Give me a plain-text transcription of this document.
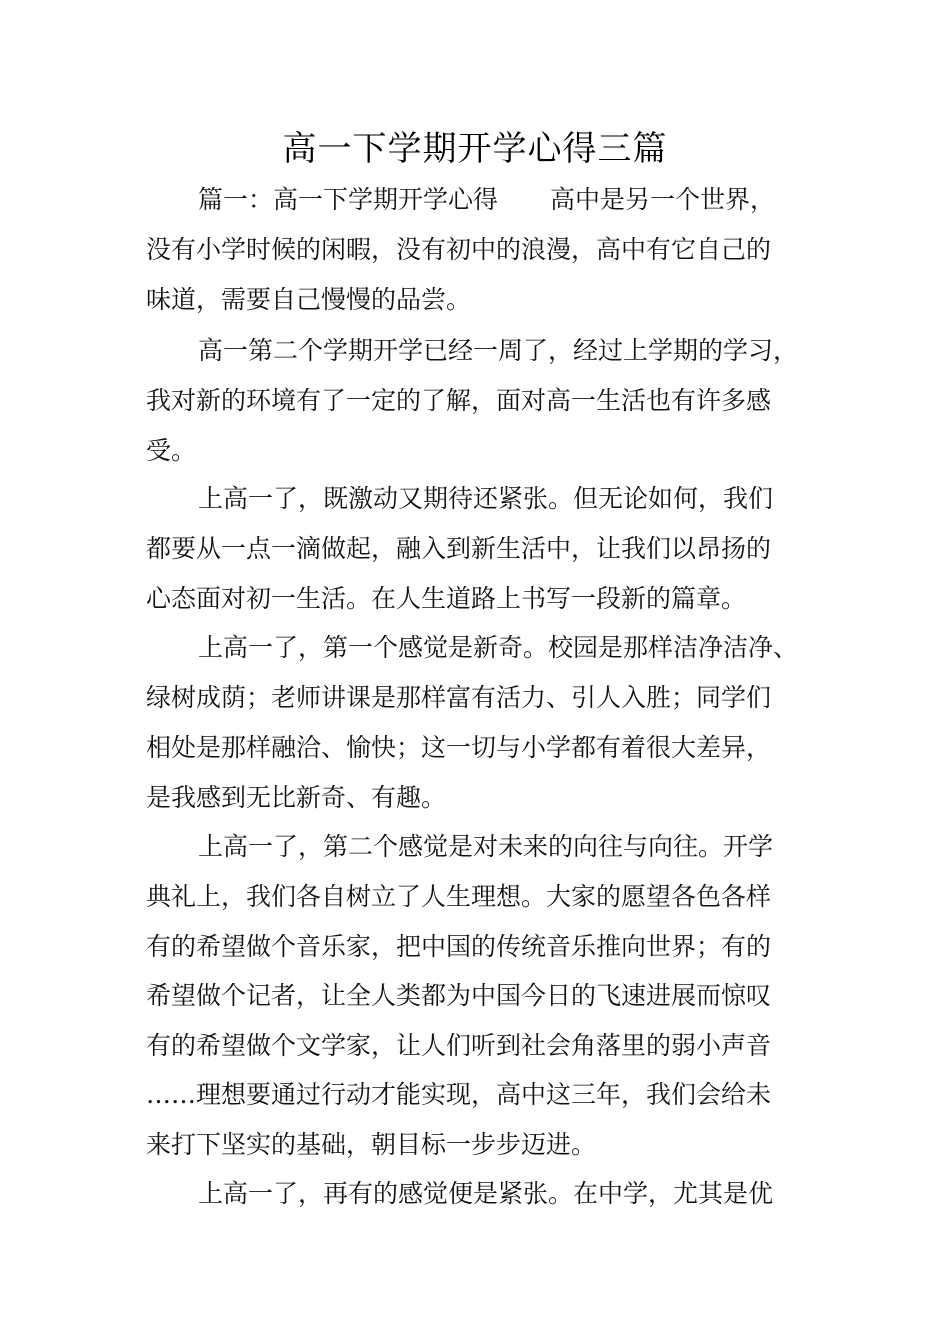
高一下学期开学心得三篇
篇一：高一下学期开学心得 高中是另一个世界，
没有小学时候的闲暇，没有初中的浪漫，高中有它自己的
味道，需要自己慢慢的品尝。
高一第二个学期开学已经一周了，经过上学期的学习，
我对新的环境有了一定的了解，面对高一生活也有许多感
受。
上高一了，既激动又期待还紧张。但无论如何，我们
都要从一点一滴做起，融入到新生活中，让我们以昂扬的
心态面对初一生活。在人生道路上书写一段新的篇章。
上高一了，第一个感觉是新奇。校园是那样洁净洁净、
绿树成荫；老师讲课是那样富有活力、引人入胜；同学们
相处是那样融洽、愉快；这一切与小学都有着很大差异，
是我感到无比新奇、有趣。
上高一了，第二个感觉是对未来的向往与向往。开学
典礼上，我们各自树立了人生理想。大家的愿望各色各样
有的希望做个音乐家，把中国的传统音乐推向世界；有的
希望做个记者，让全人类都为中国今日的飞速进展而惊叹
有的希望做个文学家，让人们听到社会角落里的弱小声音
……理想要通过行动才能实现，高中这三年，我们会给未
来打下坚实的基础，朝目标一步步迈进。
上高一了，再有的感觉便是紧张。在中学，尤其是优
